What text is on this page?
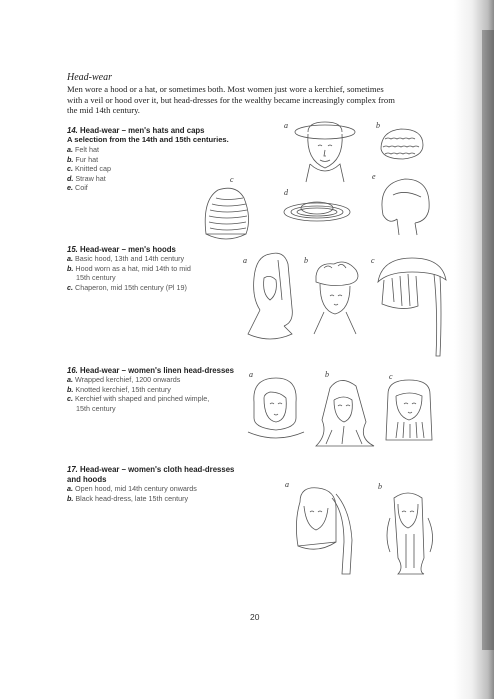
Head-wear

Men wore a hood or a hat, or sometimes both. Most women just wore a kerchief, sometimes with a veil or hood over it, but head-dresses for the wealthy became increasingly complex from the mid 14th century.

14. Head-wear – men's hats and caps

A selection from the 14th and 15th centuries.

a. Felt hat
b. Fur hat
c. Knitted cap
d. Straw hat
e. Coif
a	b
c
d
e

15. Head-wear – men's hoods

a. Basic hood, 13th and 14th century
b. Hood worn as a hat, mid 14th to mid
15th century
c. Chaperon, mid 15th century (Pl 19)
a	b	c

16. Head-wear – women's linen head-dresses

a. Wrapped kerchief, 1200 onwards
b. Knotted kerchief, 15th century
c. Kerchief with shaped and pinched wimple,
15th century
a	b	c

17. Head-wear – women's cloth head-dresses
and hoods

a. Open hood, mid 14th century onwards
b. Black head-dress, late 15th century
a	b
20
